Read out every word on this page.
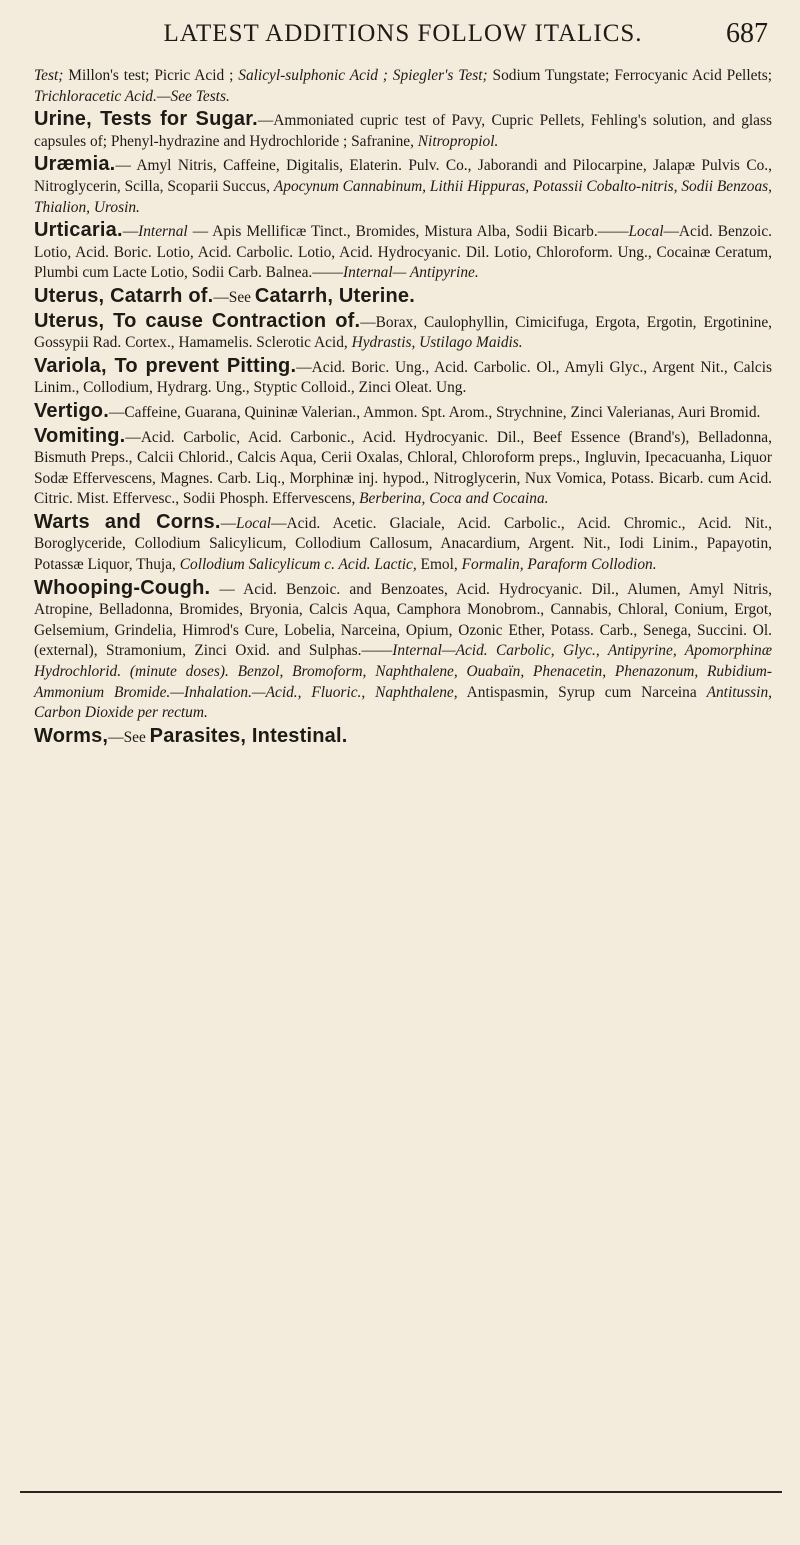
LATEST ADDITIONS FOLLOW ITALICS.	687

Test; Millon's test; Picric Acid ; Salicyl-sulphonic Acid ; Spiegler's Test; Sodium Tungstate; Ferrocyanic Acid Pellets; Trichloracetic Acid.—See Tests.

Urine, Tests for Sugar.—Ammoniated cupric test of Pavy, Cupric Pellets, Fehling's solution, and glass capsules of; Phenyl-hydrazine and Hydrochloride ; Safranine, Nitropropiol.

Uræmia.— Amyl Nitris, Caffeine, Digitalis, Elaterin. Pulv. Co., Jaborandi and Pilocarpine, Jalapæ Pulvis Co., Nitroglycerin, Scilla, Scoparii Succus, Apocynum Cannabinum, Lithii Hippuras, Potassii Cobalto-nitris, Sodii Benzoas, Thialion, Urosin.

Urticaria.—Internal — Apis Mellificæ Tinct., Bromides, Mistura Alba, Sodii Bicarb.——Local—Acid. Benzoic. Lotio, Acid. Boric. Lotio, Acid. Carbolic. Lotio, Acid. Hydrocyanic. Dil. Lotio, Chloroform. Ung., Cocainæ Ceratum, Plumbi cum Lacte Lotio, Sodii Carb. Balnea.——Internal— Antipyrine.

Uterus, Catarrh of.—See Catarrh, Uterine.

Uterus, To cause Contraction of.—Borax, Caulophyllin, Cimicifuga, Ergota, Ergotin, Ergotinine, Gossypii Rad. Cortex., Hamamelis. Sclerotic Acid, Hydrastis, Ustilago Maidis.

Variola, To prevent Pitting.—Acid. Boric. Ung., Acid. Carbolic. Ol., Amyli Glyc., Argent Nit., Calcis Linim., Collodium, Hydrarg. Ung., Styptic Colloid., Zinci Oleat. Ung.

Vertigo.—Caffeine, Guarana, Quininæ Valerian., Ammon. Spt. Arom., Strychnine, Zinci Valerianas, Auri Bromid.

Vomiting.—Acid. Carbolic, Acid. Carbonic., Acid. Hydrocyanic. Dil., Beef Essence (Brand's), Belladonna, Bismuth Preps., Calcii Chlorid., Calcis Aqua, Cerii Oxalas, Chloral, Chloroform preps., Ingluvin, Ipecacuanha, Liquor Sodæ Effervescens, Magnes. Carb. Liq., Morphinæ inj. hypod., Nitroglycerin, Nux Vomica, Potass. Bicarb. cum Acid. Citric. Mist. Effervesc., Sodii Phosph. Effervescens, Berberina, Coca and Cocaina.

Warts and Corns.—Local—Acid. Acetic. Glaciale, Acid. Carbolic., Acid. Chromic., Acid. Nit., Boroglyceride, Collodium Salicylicum, Collodium Callosum, Anacardium, Argent. Nit., Iodi Linim., Papayotin, Potassæ Liquor, Thuja, Collodium Salicylicum c. Acid. Lactic, Emol, Formalin, Paraform Collodion.

Whooping-Cough. — Acid. Benzoic. and Benzoates, Acid. Hydrocyanic. Dil., Alumen, Amyl Nitris, Atropine, Belladonna, Bromides, Bryonia, Calcis Aqua, Camphora Monobrom., Cannabis, Chloral, Conium, Ergot, Gelsemium, Grindelia, Himrod's Cure, Lobelia, Narceina, Opium, Ozonic Ether, Potass. Carb., Senega, Succini. Ol. (external), Stramonium, Zinci Oxid. and Sulphas.——Internal—Acid. Carbolic, Glyc., Antipyrine, Apomorphinæ Hydrochlorid. (minute doses). Benzol, Bromoform, Naphthalene, Ouabaïn, Phenacetin, Phenazonum, Rubidium-Ammonium Bromide.—Inhalation.—Acid., Fluoric., Naphthalene, Antispasmin, Syrup cum Narceina Antitussin, Carbon Dioxide per rectum.

Worms,—See Parasites, Intestinal.
